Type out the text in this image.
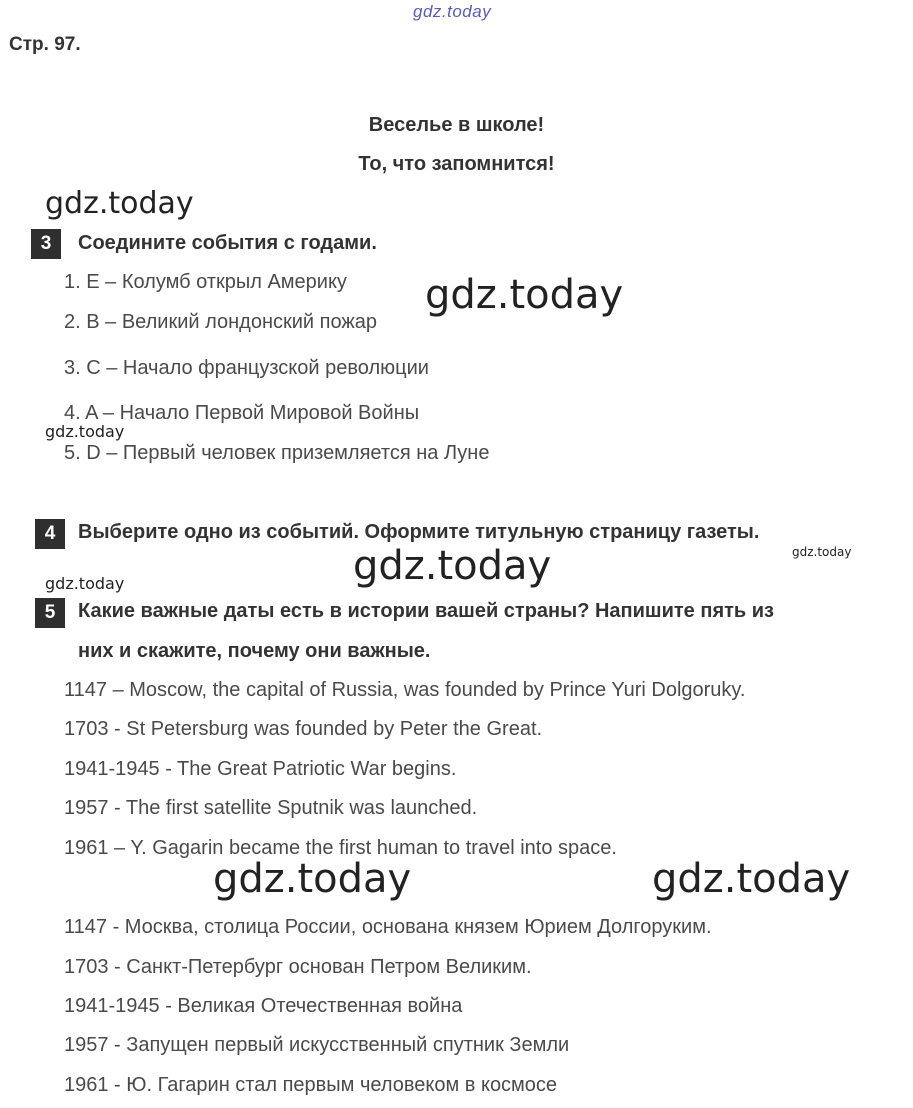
gdz.today
gdz.today
gdz.today
gdz.today
gdz.today
gdz.today
gdz.today
gdz.today	gdz.today
Стр. 97.
Веселье в школе!
То, что запомнится!
3	Соедините события с годами.
1. E – Колумб открыл Америку
2. B – Великий лондонский пожар
3. C – Начало французской революции
4. A – Начало Первой Мировой Войны
5. D – Первый человек приземляется на Луне
4	Выберите одно из событий. Оформите титульную страницу газеты.
5	Какие важные даты есть в истории вашей страны? Напишите пять из
них и скажите, почему они важные.
1147 – Moscow, the capital of Russia, was founded by Prince Yuri Dolgoruky.
1703 - St Petersburg was founded by Peter the Great.
1941-1945 - The Great Patriotic War begins.
1957 - The first satellite Sputnik was launched.
1961 – Y. Gagarin became the first human to travel into space.
1147 - Москва, столица России, основана князем Юрием Долгоруким.
1703 - Санкт-Петербург основан Петром Великим.
1941-1945 - Великая Отечественная война
1957 - Запущен первый искусственный спутник Земли
1961 - Ю. Гагарин стал первым человеком в космосе
